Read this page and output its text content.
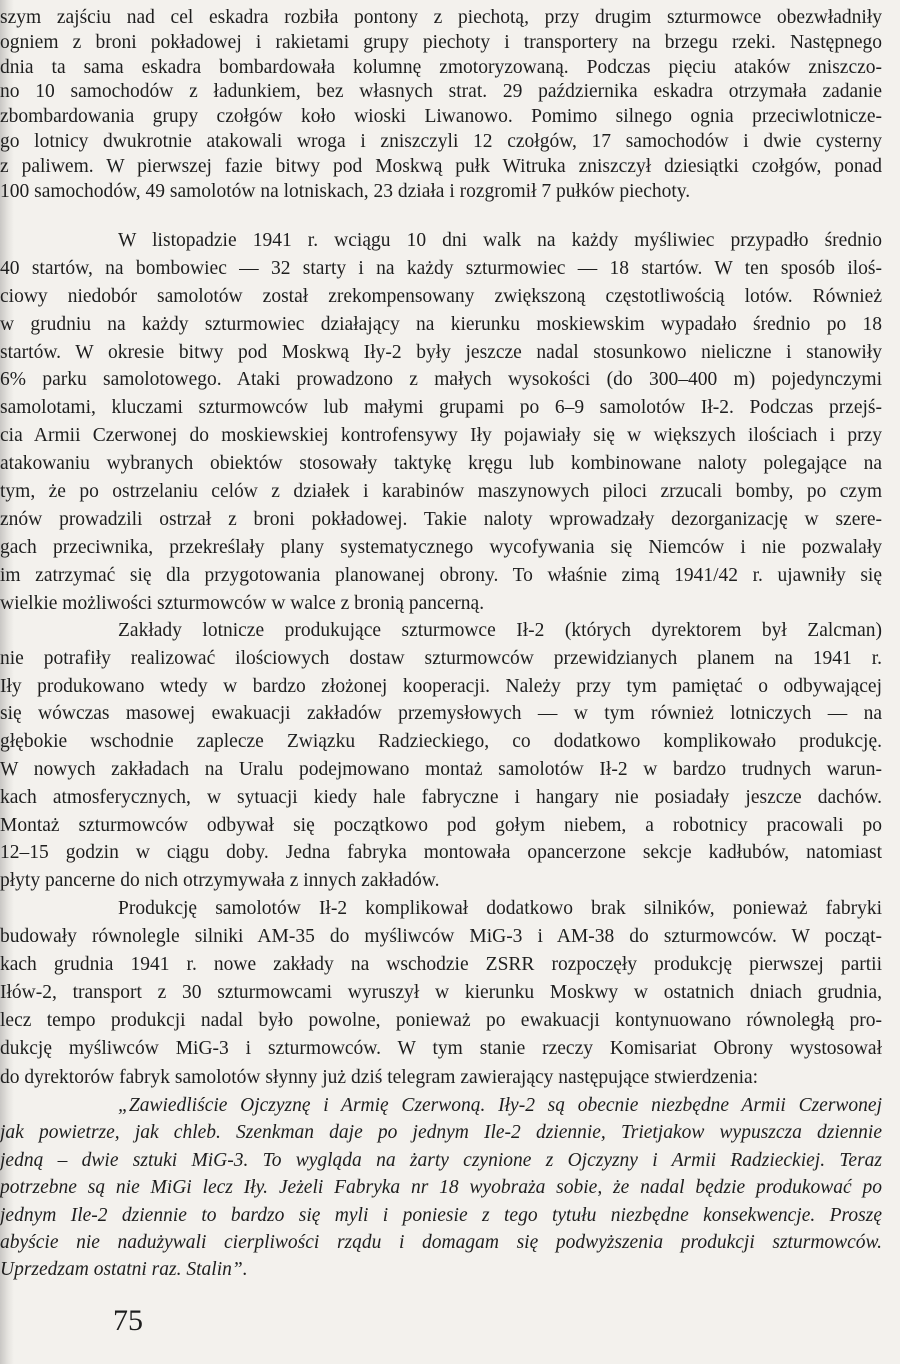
szym zajściu nad cel eskadra rozbiła pontony z piechotą, przy drugim szturmowce obezwładniły
ogniem z broni pokładowej i rakietami grupy piechoty i transportery na brzegu rzeki. Następnego
dnia ta sama eskadra bombardowała kolumnę zmotoryzowaną. Podczas pięciu ataków zniszczo-
no 10 samochodów z ładunkiem, bez własnych strat. 29 października eskadra otrzymała zadanie
zbombardowania grupy czołgów koło wioski Liwanowo. Pomimo silnego ognia przeciwlotnicze-
go lotnicy dwukrotnie atakowali wroga i zniszczyli 12 czołgów, 17 samochodów i dwie cysterny
z paliwem. W pierwszej fazie bitwy pod Moskwą pułk Witruka zniszczył dziesiątki czołgów, ponad
100 samochodów, 49 samolotów na lotniskach, 23 działa i rozgromił 7 pułków piechoty.
W listopadzie 1941 r. wciągu 10 dni walk na każdy myśliwiec przypadło średnio
40 startów, na bombowiec — 32 starty i na każdy szturmowiec — 18 startów. W ten sposób iloś-
ciowy niedobór samolotów został zrekompensowany zwiększoną częstotliwością lotów. Również
w grudniu na każdy szturmowiec działający na kierunku moskiewskim wypadało średnio po 18
startów. W okresie bitwy pod Moskwą Iły-2 były jeszcze nadal stosunkowo nieliczne i stanowiły
6% parku samolotowego. Ataki prowadzono z małych wysokości (do 300–400 m) pojedynczymi
samolotami, kluczami szturmowców lub małymi grupami po 6–9 samolotów Ił-2. Podczas przejś-
cia Armii Czerwonej do moskiewskiej kontrofensywy Iły pojawiały się w większych ilościach i przy
atakowaniu wybranych obiektów stosowały taktykę kręgu lub kombinowane naloty polegające na
tym, że po ostrzelaniu celów z działek i karabinów maszynowych piloci zrzucali bomby, po czym
znów prowadzili ostrzał z broni pokładowej. Takie naloty wprowadzały dezorganizację w szere-
gach przeciwnika, przekreślały plany systematycznego wycofywania się Niemców i nie pozwalały
im zatrzymać się dla przygotowania planowanej obrony. To właśnie zimą 1941/42 r. ujawniły się
wielkie możliwości szturmowców w walce z bronią pancerną.
Zakłady lotnicze produkujące szturmowce Ił-2 (których dyrektorem był Zalcman)
nie potrafiły realizować ilościowych dostaw szturmowców przewidzianych planem na 1941 r.
Iły produkowano wtedy w bardzo złożonej kooperacji. Należy przy tym pamiętać o odbywającej
się wówczas masowej ewakuacji zakładów przemysłowych — w tym również lotniczych — na
głębokie wschodnie zaplecze Związku Radzieckiego, co dodatkowo komplikowało produkcję.
W nowych zakładach na Uralu podejmowano montaż samolotów Ił-2 w bardzo trudnych warun-
kach atmosferycznych, w sytuacji kiedy hale fabryczne i hangary nie posiadały jeszcze dachów.
Montaż szturmowców odbywał się początkowo pod gołym niebem, a robotnicy pracowali po
12–15 godzin w ciągu doby. Jedna fabryka montowała opancerzone sekcje kadłubów, natomiast
płyty pancerne do nich otrzymywała z innych zakładów.
Produkcję samolotów Ił-2 komplikował dodatkowo brak silników, ponieważ fabryki
budowały równolegle silniki AM-35 do myśliwców MiG-3 i AM-38 do szturmowców. W począt-
kach grudnia 1941 r. nowe zakłady na wschodzie ZSRR rozpoczęły produkcję pierwszej partii
Iłów-2, transport z 30 szturmowcami wyruszył w kierunku Moskwy w ostatnich dniach grudnia,
lecz tempo produkcji nadal było powolne, ponieważ po ewakuacji kontynuowano równoległą pro-
dukcję myśliwców MiG-3 i szturmowców. W tym stanie rzeczy Komisariat Obrony wystosował
do dyrektorów fabryk samolotów słynny już dziś telegram zawierający następujące stwierdzenia:
„Zawiedliście Ojczyznę i Armię Czerwoną. Iły-2 są obecnie niezbędne Armii Czerwonej
jak powietrze, jak chleb. Szenkman daje po jednym Ile-2 dziennie, Trietjakow wypuszcza dziennie
jedną – dwie sztuki MiG-3. To wygląda na żarty czynione z Ojczyzny i Armii Radzieckiej. Teraz
potrzebne są nie MiGi lecz Iły. Jeżeli Fabryka nr 18 wyobraża sobie, że nadal będzie produkować po
jednym Ile-2 dziennie to bardzo się myli i poniesie z tego tytułu niezbędne konsekwencje. Proszę
abyście nie nadużywali cierpliwości rządu i domagam się podwyższenia produkcji szturmowców.
Uprzedzam ostatni raz. Stalin”.
75
